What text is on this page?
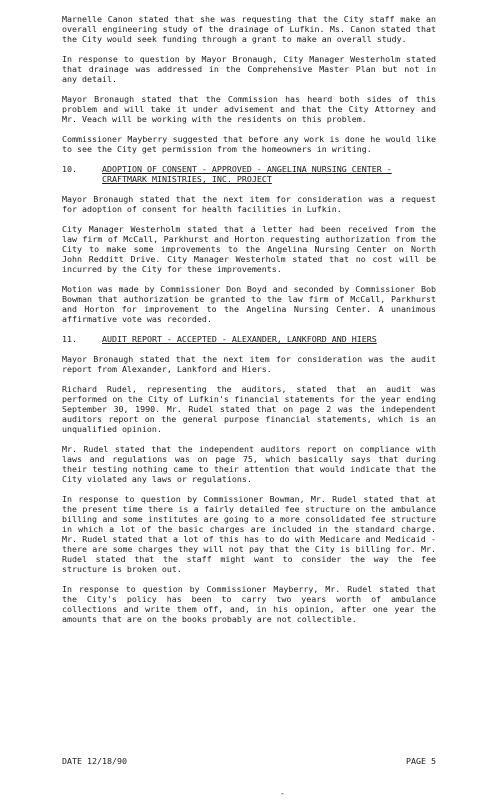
Marnelle Canon stated that she was requesting that the City staff make an overall engineering study of the drainage of Lufkin. Ms. Canon stated that the City would seek funding through a grant to make an overall study.

In response to question by Mayor Bronaugh, City Manager Westerholm stated that drainage was addressed in the Comprehensive Master Plan but not in any detail.

Mayor Bronaugh stated that the Commission has heard both sides of this problem and will take it under advisement and that the City Attorney and Mr. Veach will be working with the residents on this problem.

Commissioner Mayberry suggested that before any work is done he would like to see the City get permission from the homeowners in writing.

10.	ADOPTION OF CONSENT - APPROVED - ANGELINA NURSING CENTER -
CRAFTMARK MINISTRIES, INC. PROJECT

Mayor Bronaugh stated that the next item for consideration was a request for adoption of consent for health facilities in Lufkin.

City Manager Westerholm stated that a letter had been received from the law firm of McCall, Parkhurst and Horton requesting authorization from the City to make some improvements to the Angelina Nursing Center on North John Redditt Drive. City Manager Westerholm stated that no cost will be incurred by the City for these improvements.

Motion was made by Commissioner Don Boyd and seconded by Commissioner Bob Bowman that authorization be granted to the law firm of McCall, Parkhurst and Horton for improvement to the Angelina Nursing Center. A unanimous affirmative vote was recorded.

11.	AUDIT REPORT - ACCEPTED - ALEXANDER, LANKFORD AND HIERS

Mayor Bronaugh stated that the next item for consideration was the audit report from Alexander, Lankford and Hiers.

Richard Rudel, representing the auditors, stated that an audit was performed on the City of Lufkin's financial statements for the year ending September 30, 1990. Mr. Rudel stated that on page 2 was the independent auditors report on the general purpose financial statements, which is an unqualified opinion.

Mr. Rudel stated that the independent auditors report on compliance with laws and regulations was on page 75, which basically says that during their testing nothing came to their attention that would indicate that the City violated any laws or regulations.

In response to question by Commissioner Bowman, Mr. Rudel stated that at the present time there is a fairly detailed fee structure on the ambulance billing and some institutes are going to a more consolidated fee structure in which a lot of the basic charges are included in the standard charge. Mr. Rudel stated that a lot of this has to do with Medicare and Medicaid - there are some charges they will not pay that the City is billing for. Mr. Rudel stated that the staff might want to consider the way the fee structure is broken out.

In response to question by Commissioner Mayberry, Mr. Rudel stated that the City's policy has been to carry two years worth of ambulance collections and write them off, and, in his opinion, after one year the amounts that are on the books probably are not collectible.

DATE 12/18/90	PAGE 5
-
